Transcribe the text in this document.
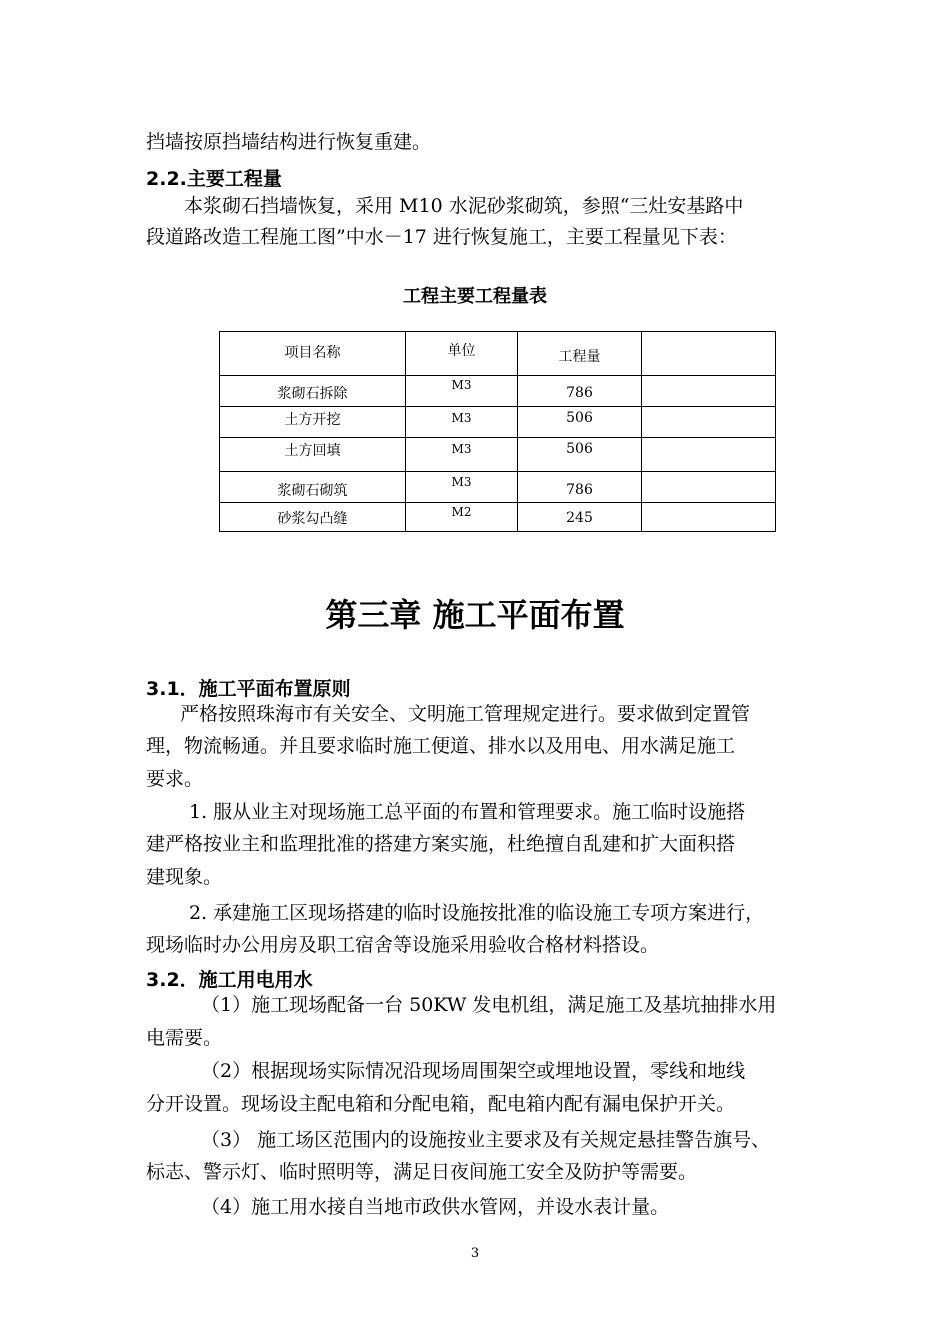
挡墙按原挡墙结构进行恢复重建。
2.2.主要工程量
本浆砌石挡墙恢复，采用 M10 水泥砂浆砌筑，参照“三灶安基路中
段道路改造工程施工图”中水－17 进行恢复施工，主要工程量见下表：
工程主要工程量表
项目名称	单位	工程量	
浆砌石拆除	M3	786	
土方开挖	M3	506	
土方回填	M3	506	
浆砌石砌筑	M3	786	
砂浆勾凸缝	M2	245	
第三章 施工平面布置
3.1．施工平面布置原则
严格按照珠海市有关安全、文明施工管理规定进行。要求做到定置管
理，物流畅通。并且要求临时施工便道、排水以及用电、用水满足施工
要求。
1. 服从业主对现场施工总平面的布置和管理要求。施工临时设施搭
建严格按业主和监理批准的搭建方案实施，杜绝擅自乱建和扩大面积搭
建现象。
2. 承建施工区现场搭建的临时设施按批准的临设施工专项方案进行，
现场临时办公用房及职工宿舍等设施采用验收合格材料搭设。
3.2．施工用电用水
（1）施工现场配备一台 50KW 发电机组，满足施工及基坑抽排水用
电需要。
（2）根据现场实际情况沿现场周围架空或埋地设置，零线和地线
分开设置。现场设主配电箱和分配电箱，配电箱内配有漏电保护开关。
（3） 施工场区范围内的设施按业主要求及有关规定悬挂警告旗号、
标志、警示灯、临时照明等，满足日夜间施工安全及防护等需要。
（4）施工用水接自当地市政供水管网，并设水表计量。
3
